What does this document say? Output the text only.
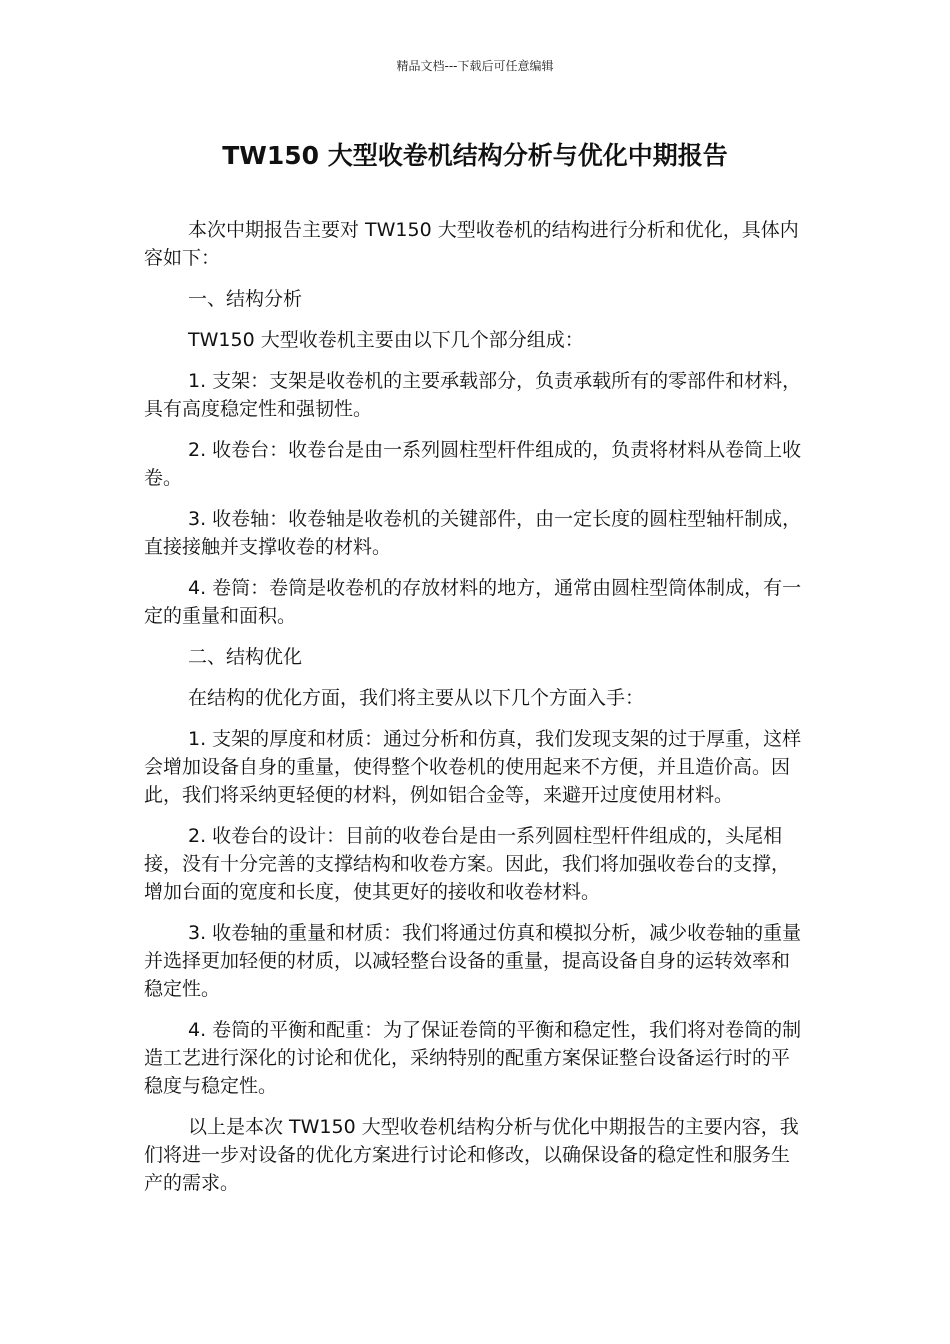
精品文档---下载后可任意编辑
TW150 大型收卷机结构分析与优化中期报告

本次中期报告主要对 TW150 大型收卷机的结构进行分析和优化，具体内容如下：

一、结构分析

TW150 大型收卷机主要由以下几个部分组成：

1. 支架：支架是收卷机的主要承载部分，负责承载所有的零部件和材料，具有高度稳定性和强韧性。

2. 收卷台：收卷台是由一系列圆柱型杆件组成的，负责将材料从卷筒上收卷。

3. 收卷轴：收卷轴是收卷机的关键部件，由一定长度的圆柱型轴杆制成，直接接触并支撑收卷的材料。

4. 卷筒：卷筒是收卷机的存放材料的地方，通常由圆柱型筒体制成，有一定的重量和面积。

二、结构优化

在结构的优化方面，我们将主要从以下几个方面入手：

1. 支架的厚度和材质：通过分析和仿真，我们发现支架的过于厚重，这样会增加设备自身的重量，使得整个收卷机的使用起来不方便，并且造价高。因此，我们将采纳更轻便的材料，例如铝合金等，来避开过度使用材料。

2. 收卷台的设计：目前的收卷台是由一系列圆柱型杆件组成的，头尾相接，没有十分完善的支撑结构和收卷方案。因此，我们将加强收卷台的支撑，增加台面的宽度和长度，使其更好的接收和收卷材料。

3. 收卷轴的重量和材质：我们将通过仿真和模拟分析，减少收卷轴的重量并选择更加轻便的材质，以减轻整台设备的重量，提高设备自身的运转效率和稳定性。

4. 卷筒的平衡和配重：为了保证卷筒的平衡和稳定性，我们将对卷筒的制造工艺进行深化的讨论和优化，采纳特别的配重方案保证整台设备运行时的平稳度与稳定性。

以上是本次 TW150 大型收卷机结构分析与优化中期报告的主要内容，我们将进一步对设备的优化方案进行讨论和修改，以确保设备的稳定性和服务生产的需求。
